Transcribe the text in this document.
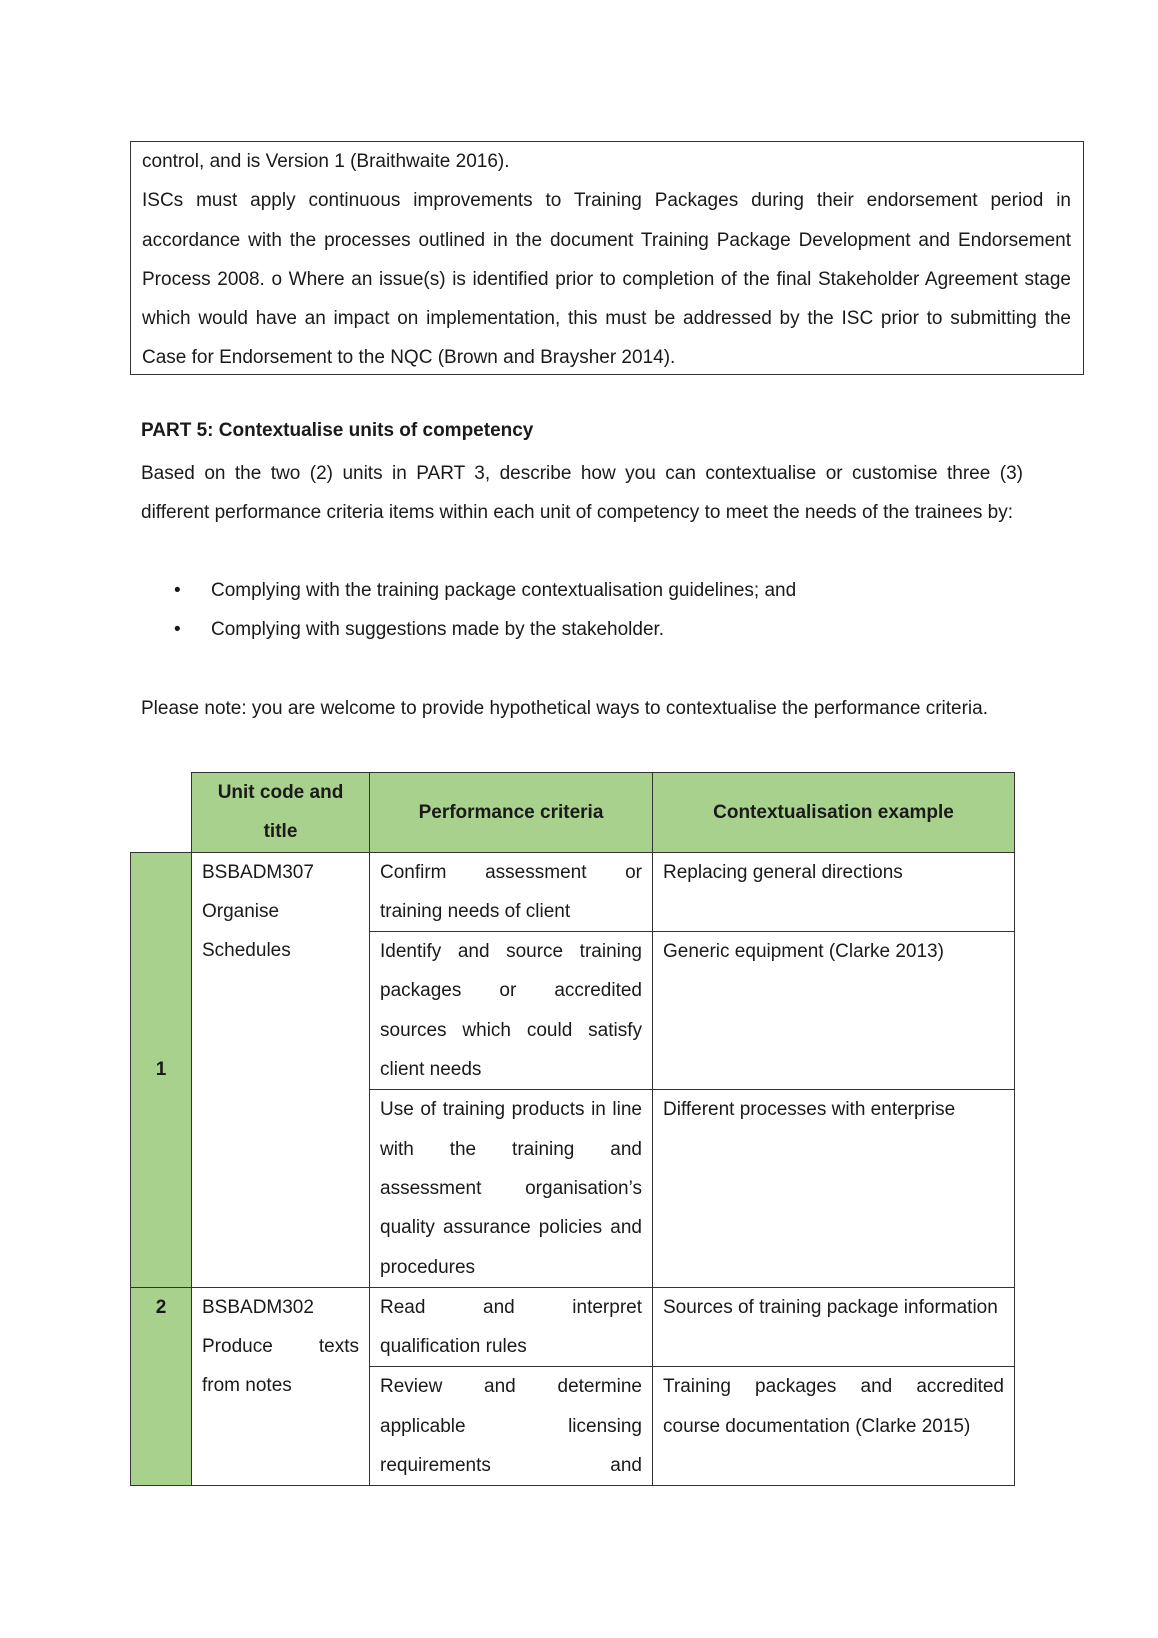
control, and is Version 1 (Braithwaite 2016).

ISCs must apply continuous improvements to Training Packages during their endorsement period in accordance with the processes outlined in the document Training Package Development and Endorsement Process 2008. o Where an issue(s) is identified prior to completion of the final Stakeholder Agreement stage which would have an impact on implementation, this must be addressed by the ISC prior to submitting the Case for Endorsement to the NQC (Brown and Braysher 2014).

PART 5: Contextualise units of competency

Based on the two (2) units in PART 3, describe how you can contextualise or customise three (3) different performance criteria items within each unit of competency to meet the needs of the trainees by:

• Complying with the training package contextualisation guidelines; and
• Complying with suggestions made by the stakeholder.

Please note: you are welcome to provide hypothetical ways to contextualise the performance criteria.

	Unit code and title	Performance criteria	Contextualisation example
1	BSBADM307
Organise Schedules	Confirm assessment or training needs of client	Replacing general directions

		Identify and source training packages or accredited sources which could satisfy client needs	Generic equipment (Clarke 2013)

		Use of training products in line with the training and assessment organisation’s quality assurance policies and procedures	Different processes with enterprise
2	BSBADM302
Produce texts from notes	Read and interpret qualification rules	Sources of training package information

		Review and determine applicable licensing requirements and	Training packages and accredited course documentation (Clarke 2015)
